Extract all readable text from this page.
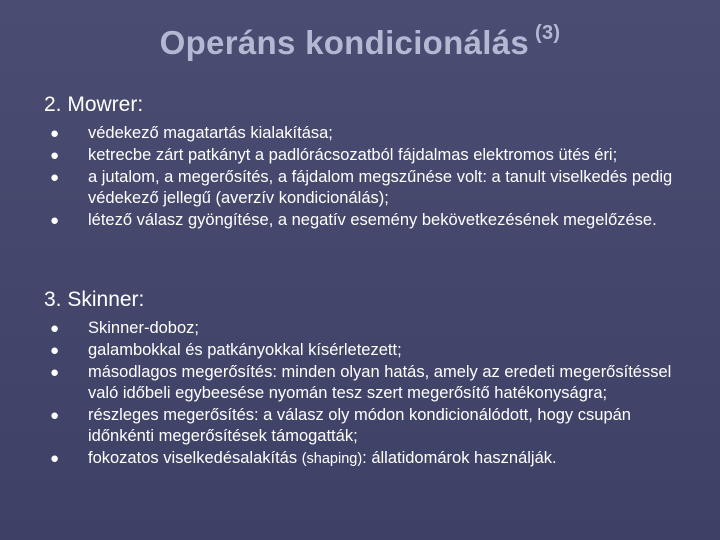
Operáns kondicionálás $^{(3)}$
2. Mowrer:
●	védekező magatartás kialakítása;
●	ketrecbe zárt patkányt a padlórácsozatból fájdalmas elektromos ütés éri;
●	a jutalom, a megerősítés, a fájdalom megszűnése volt: a tanult viselkedés pedig védekező jellegű (averzív kondicionálás);
●	létező válasz gyöngítése, a negatív esemény bekövetkezésének megelőzése.
3. Skinner:
●	Skinner-doboz;
●	galambokkal és patkányokkal kísérletezett;
●	másodlagos megerősítés: minden olyan hatás, amely az eredeti megerősítéssel való időbeli egybeesése nyomán tesz szert megerősítő hatékonyságra;
●	részleges megerősítés: a válasz oly módon kondicionálódott, hogy csupán időnkénti megerősítések támogatták;
●	fokozatos viselkedésalakítás (shaping): állatidomárok használják.
